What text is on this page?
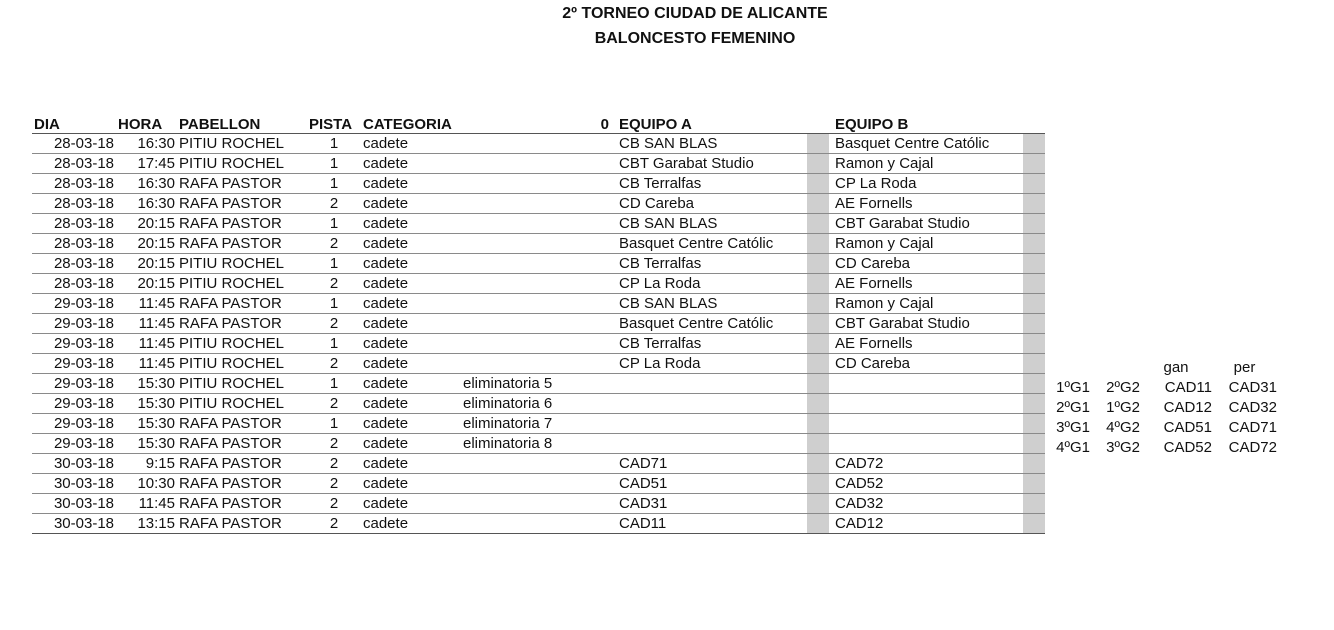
2º TORNEO CIUDAD DE ALICANTE
BALONCESTO FEMENINO
DIA	HORA	PABELLON	PISTA	CATEGORIA		0	EQUIPO A		EQUIPO B	
28-03-18	16:30	PITIU ROCHEL	1	cadete			CB SAN BLAS		Basquet Centre Católic	
28-03-18	17:45	PITIU ROCHEL	1	cadete			CBT Garabat Studio		Ramon y Cajal	
28-03-18	16:30	RAFA PASTOR	1	cadete			CB Terralfas		CP La Roda	
28-03-18	16:30	RAFA PASTOR	2	cadete			CD Careba		AE Fornells	
28-03-18	20:15	RAFA PASTOR	1	cadete			CB SAN BLAS		CBT Garabat Studio	
28-03-18	20:15	RAFA PASTOR	2	cadete			Basquet Centre Católic		Ramon y Cajal	
28-03-18	20:15	PITIU ROCHEL	1	cadete			CB Terralfas		CD Careba	
28-03-18	20:15	PITIU ROCHEL	2	cadete			CP La Roda		AE Fornells	
29-03-18	11:45	RAFA PASTOR	1	cadete			CB SAN BLAS		Ramon y Cajal	
29-03-18	11:45	RAFA PASTOR	2	cadete			Basquet Centre Católic		CBT Garabat Studio	
29-03-18	11:45	PITIU ROCHEL	1	cadete			CB Terralfas		AE Fornells	
29-03-18	11:45	PITIU ROCHEL	2	cadete			CP La Roda		CD Careba	
29-03-18	15:30	PITIU ROCHEL	1	cadete	eliminatoria 5					
29-03-18	15:30	PITIU ROCHEL	2	cadete	eliminatoria 6					
29-03-18	15:30	RAFA PASTOR	1	cadete	eliminatoria 7					
29-03-18	15:30	RAFA PASTOR	2	cadete	eliminatoria 8					
30-03-18	9:15	RAFA PASTOR	2	cadete			CAD71		CAD72	
30-03-18	10:30	RAFA PASTOR	2	cadete			CAD51		CAD52	
30-03-18	11:45	RAFA PASTOR	2	cadete			CAD31		CAD32	
30-03-18	13:15	RAFA PASTOR	2	cadete			CAD11		CAD12	
		gan	per
1ºG1	2ºG2	CAD11	CAD31
2ºG1	1ºG2	CAD12	CAD32
3ºG1	4ºG2	CAD51	CAD71
4ºG1	3ºG2	CAD52	CAD72
